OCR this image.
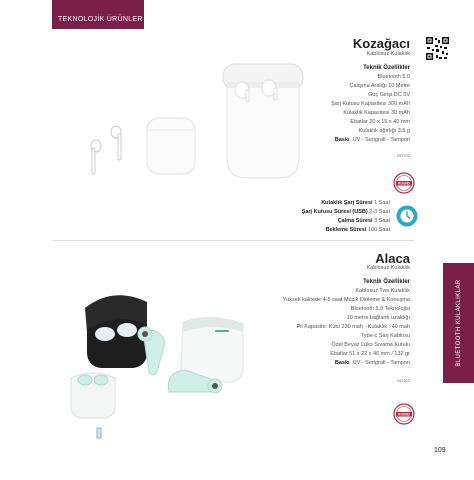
TEKNOLOJİK ÜRÜNLER
BLUETOOTH KULAKLIKLAR
Kozağacı
Kablosuz Kulaklık
Teknik Özellikler
Bluetooth 5.0
Çalışma Aralığı 10 Metre
Güç Girişi DC 5V
Şarj Kutusu Kapasitesi 300 mAh
Kulaklık Kapasitesi 30 mAh
Ebatlar 20 x 15 x 40 mm
Kulaklık ağırlığı 3.5 g
Baskı UV - Serigrafi - Tampon
257702
ROUND
Kulaklık Şarj Süresi 1 Saat
Şarj Kutusu Süresi (USB) 2-3 Saat
Çalma Süresi 3 Saat
Bekleme Süresi 100 Saat
Alaca
Kablosuz Kulaklık
Teknik Özellikler
Kablosuz Tws Kulaklık
Yüksek kalitede 4-5 saat Müzik Dinleme & Konuşma
Bluetooth 5.0 Teknolojisi
10 metre bağlantı uzaklığı
Pil Kapasite: Kutu 230 mah - Kulaklık : 40 mah
Type-c Şarj Kablosu
Özel Beyaz Lüks Sıvama Kutulu
Ebatlar 51 x 22 x 46 mm / 132 gr
Baskı UV - Serigrafi - Tampon
247102
ROUND
109
